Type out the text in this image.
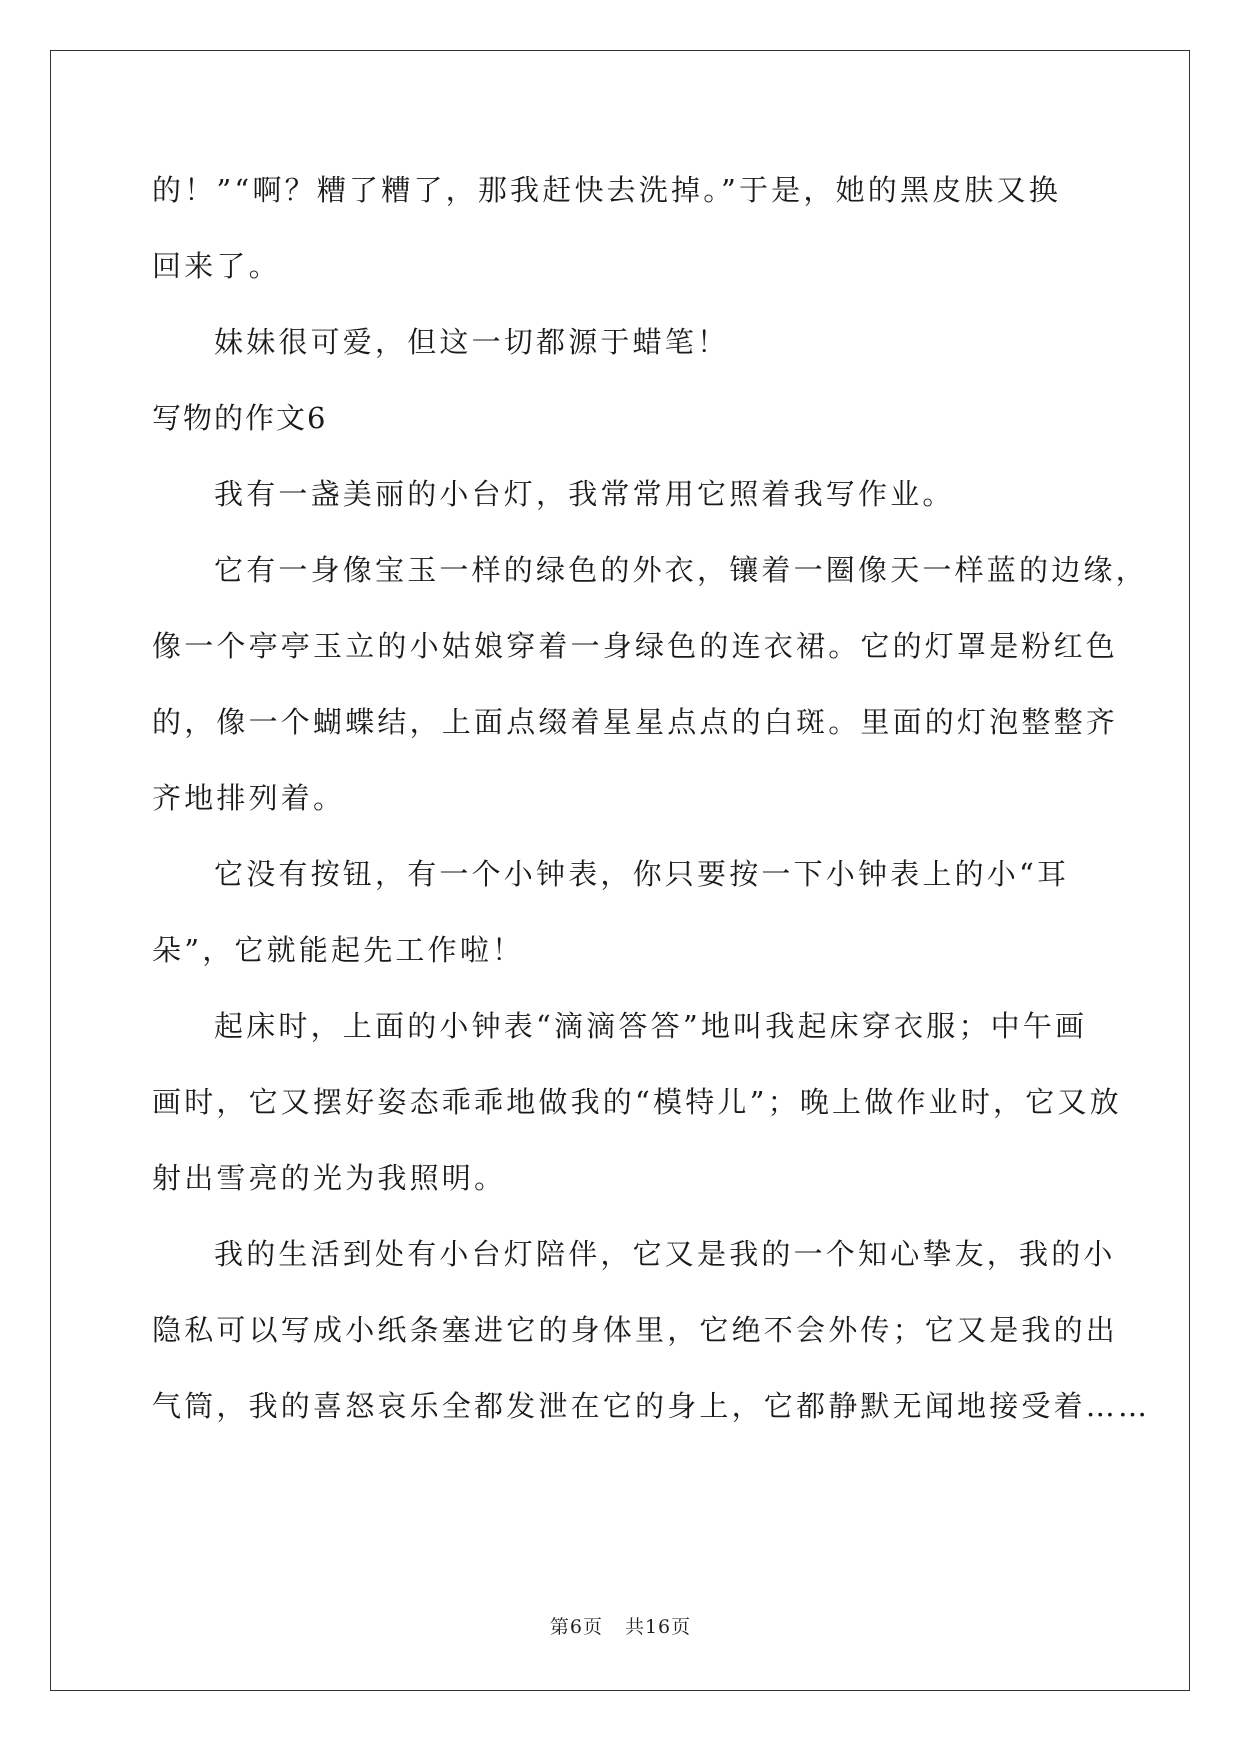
的！”“啊？糟了糟了，那我赶快去洗掉。”于是，她的黑皮肤又换
回来了。
妹妹很可爱，但这一切都源于蜡笔！
写物的作文6
我有一盏美丽的小台灯，我常常用它照着我写作业。
它有一身像宝玉一样的绿色的外衣，镶着一圈像天一样蓝的边缘，
像一个亭亭玉立的小姑娘穿着一身绿色的连衣裙。它的灯罩是粉红色
的，像一个蝴蝶结，上面点缀着星星点点的白斑。里面的灯泡整整齐
齐地排列着。
它没有按钮，有一个小钟表，你只要按一下小钟表上的小“耳
朵”，它就能起先工作啦！
起床时，上面的小钟表“滴滴答答”地叫我起床穿衣服；中午画
画时，它又摆好姿态乖乖地做我的“模特儿”；晚上做作业时，它又放
射出雪亮的光为我照明。
我的生活到处有小台灯陪伴，它又是我的一个知心挚友，我的小
隐私可以写成小纸条塞进它的身体里，它绝不会外传；它又是我的出
气筒，我的喜怒哀乐全都发泄在它的身上，它都静默无闻地接受着……
第6页 共16页
